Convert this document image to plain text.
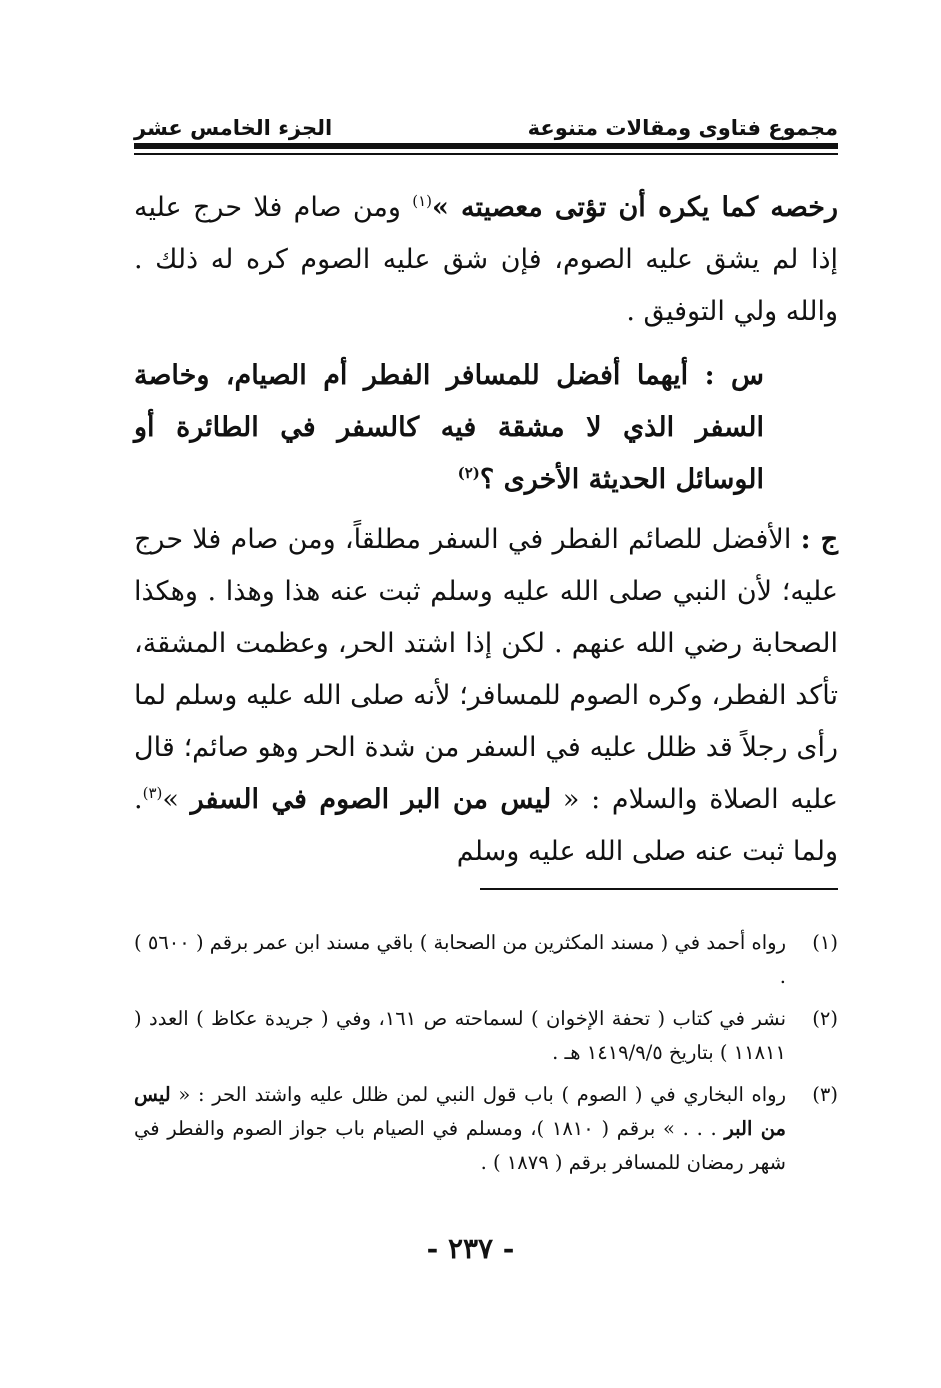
مجموع فتاوى ومقالات متنوعة
الجزء الخامس عشر

رخصه كما يكره أن تؤتى معصيته »$^{(١)}$ ومن صام فلا حرج عليه إذا لم يشق عليه الصوم، فإن شق عليه الصوم كره له ذلك . والله ولي التوفيق .

س : أيهما أفضل للمسافر الفطر أم الصيام، وخاصة السفر الذي لا مشقة فيه كالسفر في الطائرة أو الوسائل الحديثة الأخرى ؟$^{(٢)}$

ج : الأفضل للصائم الفطر في السفر مطلقاً، ومن صام فلا حرج عليه؛ لأن النبي صلى الله عليه وسلم ثبت عنه هذا وهذا . وهكذا الصحابة رضي الله عنهم . لكن إذا اشتد الحر، وعظمت المشقة، تأكد الفطر، وكره الصوم للمسافر؛ لأنه صلى الله عليه وسلم لما رأى رجلاً قد ظلل عليه في السفر من شدة الحر وهو صائم؛ قال عليه الصلاة والسلام : « ليس من البر الصوم في السفر »$^{(٣)}$. ولما ثبت عنه صلى الله عليه وسلم

(١)
رواه أحمد في ( مسند المكثرين من الصحابة ) باقي مسند ابن عمر برقم ( ٥٦٠٠ ) .
(٢)
نشر في كتاب ( تحفة الإخوان ) لسماحته ص ١٦١، وفي ( جريدة عكاظ ) العدد ( ١١٨١١ ) بتاريخ ١٤١٩/٩/٥ هـ .
(٣)
رواه البخاري في ( الصوم ) باب قول النبي لمن ظلل عليه واشتد الحر : « ليس من البر . . . » برقم ( ١٨١٠ )، ومسلم في الصيام باب جواز الصوم والفطر في شهر رمضان للمسافر برقم ( ١٨٧٩ ) .
- ٢٣٧ -
